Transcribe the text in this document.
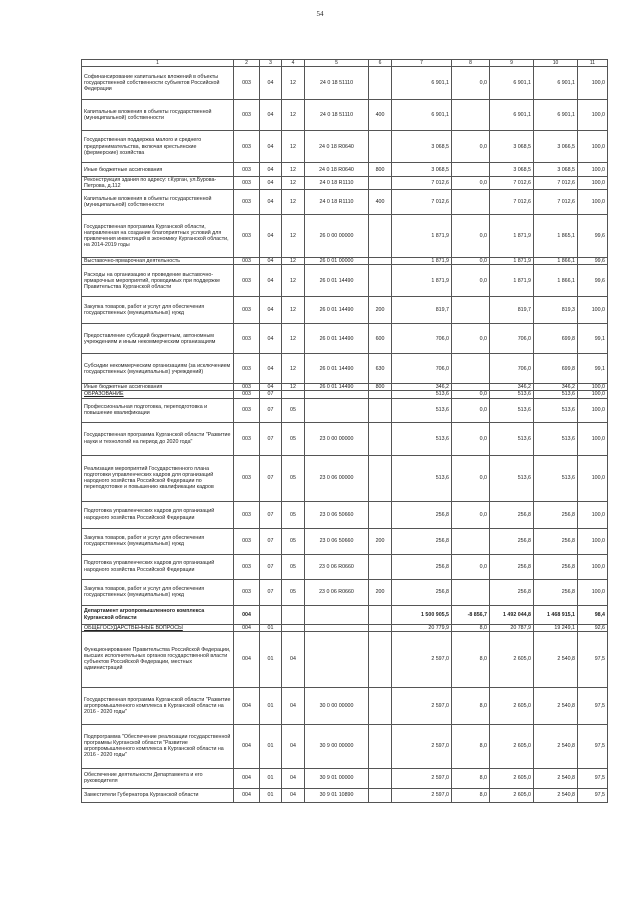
54
1	2	3	4	5	6	7	8	9	10	11
Софинансирование капитальных вложений в объекты государственной собственности субъектов Российской Федерации	003	04	12	24 0 18 51110		6 901,1	0,0	6 901,1	6 901,1	100,0
Капитальные вложения в объекты государственной (муниципальной) собственности	003	04	12	24 0 18 51110	400	6 901,1		6 901,1	6 901,1	100,0
Государственная поддержка малого и среднего предпринимательства, включая крестьянские (фермерские) хозяйства	003	04	12	24 0 18 R0640		3 068,5	0,0	3 068,5	3 066,5	100,0
Иные бюджетные ассигнования	003	04	12	24 0 18 R0640	800	3 068,5		3 068,5	3 068,5	100,0
Реконструкция здания по адресу: г.Курган, ул.Бурова-Петрова, д.112	003	04	12	24 0 18 R1110		7 012,6	0,0	7 012,6	7 012,6	100,0
Капитальные вложения в объекты государственной (муниципальной) собственности	003	04	12	24 0 18 R1110	400	7 012,6		7 012,6	7 012,6	100,0
Государственная программа Курганской области, направленная на создание благоприятных условий для привлечения инвестиций в экономику Курганской области, на 2014-2019 годы	003	04	12	26 0 00 00000		1 871,9	0,0	1 871,9	1 865,1	99,6
Выставочно-ярмарочная деятельность	003	04	12	26 0 01 00000		1 871,9	0,0	1 871,9	1 866,1	99,6
Расходы на организацию и проведение выставочно-ярмарочных мероприятий, проводимых при поддержке Правительства Курганской области	003	04	12	26 0 01 14490		1 871,9	0,0	1 871,9	1 866,1	99,6
Закупка товаров, работ и услуг для обеспечения государственных (муниципальных) нужд	003	04	12	26 0 01 14490	200	819,7		819,7	819,3	100,0
Предоставление субсидий бюджетным, автономным учреждениям и иным некоммерческим организациям	003	04	12	26 0 01 14490	600	706,0	0,0	706,0	699,8	99,1
Субсидии некоммерческим организациям (за исключением государственных (муниципальных) учреждений)	003	04	12	26 0 01 14490	630	706,0		706,0	699,8	99,1
Иные бюджетные ассигнования	003	04	12	26 0 01 14490	800	346,2		346,2	346,2	100,0
ОБРАЗОВАНИЕ	003	07				513,6	0,0	513,6	513,6	100,0
Профессиональная подготовка, переподготовка и повышение квалификации	003	07	05			513,6	0,0	513,6	513,6	100,0
Государственная программа Курганской области "Развитие науки и технологий на период до 2020 года"	003	07	05	23 0 00 00000		513,6	0,0	513,6	513,6	100,0
Реализация мероприятий Государственного плана подготовки управленческих кадров для организаций народного хозяйства Российской Федерации по переподготовке и повышению квалификации кадров	003	07	05	23 0 06 00000		513,6	0,0	513,6	513,6	100,0
Подготовка управленческих кадров для организаций народного хозяйства Российской Федерации	003	07	05	23 0 06 50660		256,8	0,0	256,8	256,8	100,0
Закупка товаров, работ и услуг для обеспечения государственных (муниципальных) нужд	003	07	05	23 0 06 50660	200	256,8		256,8	256,8	100,0
Подготовка управленческих кадров для организаций народного хозяйства Российской Федерации	003	07	05	23 0 06 R0660		256,8	0,0	256,8	256,8	100,0
Закупка товаров, работ и услуг для обеспечения государственных (муниципальных) нужд	003	07	05	23 0 06 R0660	200	256,8		256,8	256,8	100,0
Департамент агропромышленного комплекса Курганской области	004					1 500 905,5	-8 856,7	1 492 044,8	1 468 915,1	98,4
ОБЩЕГОСУДАРСТВЕННЫЕ ВОПРОСЫ	004	01				20 779,9	8,0	20 787,9	19 249,1	92,6
Функционирование Правительства Российской Федерации, высших исполнительных органов государственной власти субъектов Российской Федерации, местных администраций	004	01	04			2 597,0	8,0	2 605,0	2 540,8	97,5
Государственная программа Курганской области "Развитие агропромышленного комплекса в Курганской области на 2016 - 2020 годы"	004	01	04	30 0 00 00000		2 597,0	8,0	2 605,0	2 540,8	97,5
Подпрограмма "Обеспечение реализации государственной программы Курганской области "Развитие агропромышленного комплекса в Курганской области на 2016 - 2020 годы"	004	01	04	30 9 00 00000		2 597,0	8,0	2 605,0	2 540,8	97,5
Обеспечение деятельности Департамента и его руководителя	004	01	04	30 9 01 00000		2 597,0	8,0	2 605,0	2 540,8	97,5
Заместители Губернатора Курганской области	004	01	04	30 9 01 10890		2 597,0	8,0	2 605,0	2 540,8	97,5
